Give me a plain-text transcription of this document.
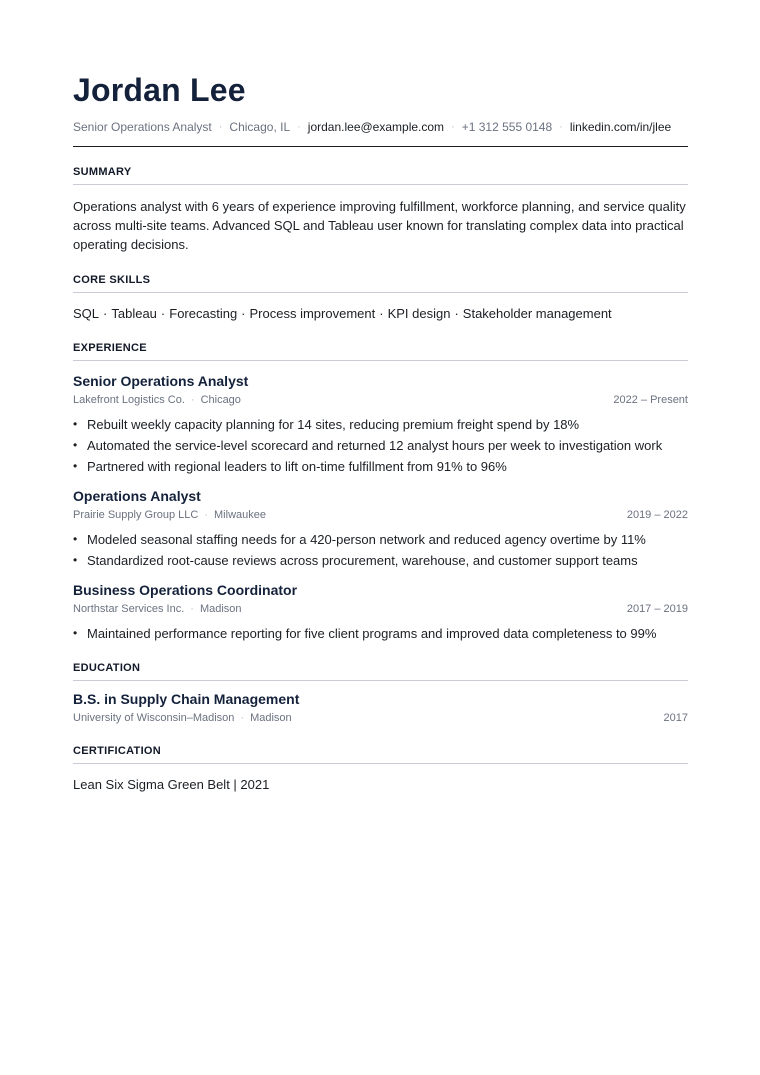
Jordan Lee
Senior Operations Analyst · Chicago, IL · jordan.lee@example.com · +1 312 555 0148 · linkedin.com/in/jlee
SUMMARY
Operations analyst with 6 years of experience improving fulfillment, workforce planning, and service quality across multi-site teams. Advanced SQL and Tableau user known for translating complex data into practical operating decisions.
CORE SKILLS
SQL · Tableau · Forecasting · Process improvement · KPI design · Stakeholder management
EXPERIENCE
Senior Operations Analyst
Lakefront Logistics Co. · Chicago	2022 – Present
• Rebuilt weekly capacity planning for 14 sites, reducing premium freight spend by 18%
• Automated the service-level scorecard and returned 12 analyst hours per week to investigation work
• Partnered with regional leaders to lift on-time fulfillment from 91% to 96%
Operations Analyst
Prairie Supply Group LLC · Milwaukee	2019 – 2022
• Modeled seasonal staffing needs for a 420-person network and reduced agency overtime by 11%
• Standardized root-cause reviews across procurement, warehouse, and customer support teams
Business Operations Coordinator
Northstar Services Inc. · Madison	2017 – 2019
• Maintained performance reporting for five client programs and improved data completeness to 99%
EDUCATION
B.S. in Supply Chain Management
University of Wisconsin–Madison · Madison	2017
CERTIFICATION
Lean Six Sigma Green Belt | 2021
